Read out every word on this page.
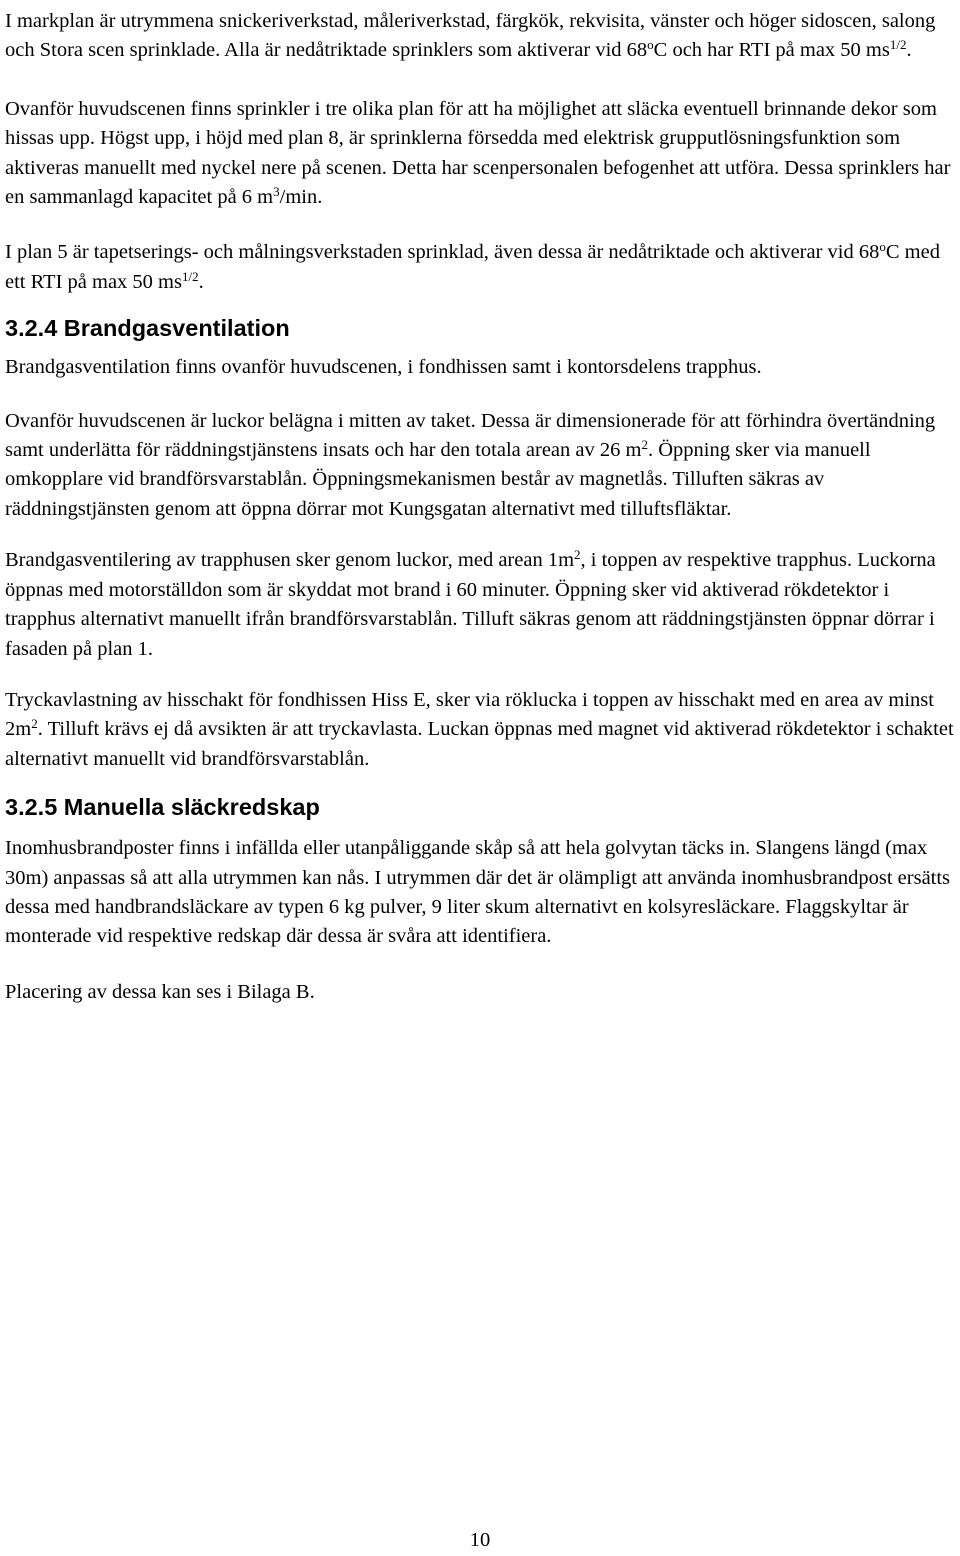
I markplan är utrymmena snickeriverkstad, måleriverkstad, färgkök, rekvisita, vänster och höger sidoscen, salong och Stora scen sprinklade. Alla är nedåtriktade sprinklers som aktiverar vid 68$^o$C och har RTI på max 50 $ms^{1/2}$.

Ovanför huvudscenen finns sprinkler i tre olika plan för att ha möjlighet att släcka eventuell brinnande dekor som hissas upp. Högst upp, i höjd med plan 8, är sprinklerna försedda med elektrisk grupputlösningsfunktion som aktiveras manuellt med nyckel nere på scenen. Detta har scenpersonalen befogenhet att utföra. Dessa sprinklers har en sammanlagd kapacitet på 6 $m^3/\min$.

I plan 5 är tapetserings- och målningsverkstaden sprinklad, även dessa är nedåtriktade och aktiverar vid 68$^o$C med ett RTI på max 50 $ms^{1/2}$.

3.2.4 Brandgasventilation

Brandgasventilation finns ovanför huvudscenen, i fondhissen samt i kontorsdelens trapphus.

Ovanför huvudscenen är luckor belägna i mitten av taket. Dessa är dimensionerade för att förhindra övertändning samt underlätta för räddningstjänstens insats och har den totala arean av 26 $m^2$. Öppning sker via manuell omkopplare vid brandförsvarstablån. Öppningsmekanismen består av magnetlås. Tilluften säkras av räddningstjänsten genom att öppna dörrar mot Kungsgatan alternativt med tilluftsfläktar.

Brandgasventilering av trapphusen sker genom luckor, med arean $1m^2$, i toppen av respektive trapphus. Luckorna öppnas med motorställdon som är skyddat mot brand i 60 minuter. Öppning sker vid aktiverad rökdetektor i trapphus alternativt manuellt ifrån brandförsvarstablån. Tilluft säkras genom att räddningstjänsten öppnar dörrar i fasaden på plan 1.

Tryckavlastning av hisschakt för fondhissen Hiss E, sker via röklucka i toppen av hisschakt med en area av minst $2m^2$. Tilluft krävs ej då avsikten är att tryckavlasta. Luckan öppnas med magnet vid aktiverad rökdetektor i schaktet alternativt manuellt vid brandförsvarstablån.

3.2.5 Manuella släckredskap

Inomhusbrandposter finns i infällda eller utanpåliggande skåp så att hela golvytan täcks in. Slangens längd (max 30m) anpassas så att alla utrymmen kan nås. I utrymmen där det är olämpligt att använda inomhusbrandpost ersätts dessa med handbrandsläckare av typen 6 kg pulver, 9 liter skum alternativt en kolsyresläckare. Flaggskyltar är monterade vid respektive redskap där dessa är svåra att identifiera.

Placering av dessa kan ses i Bilaga B.

10
